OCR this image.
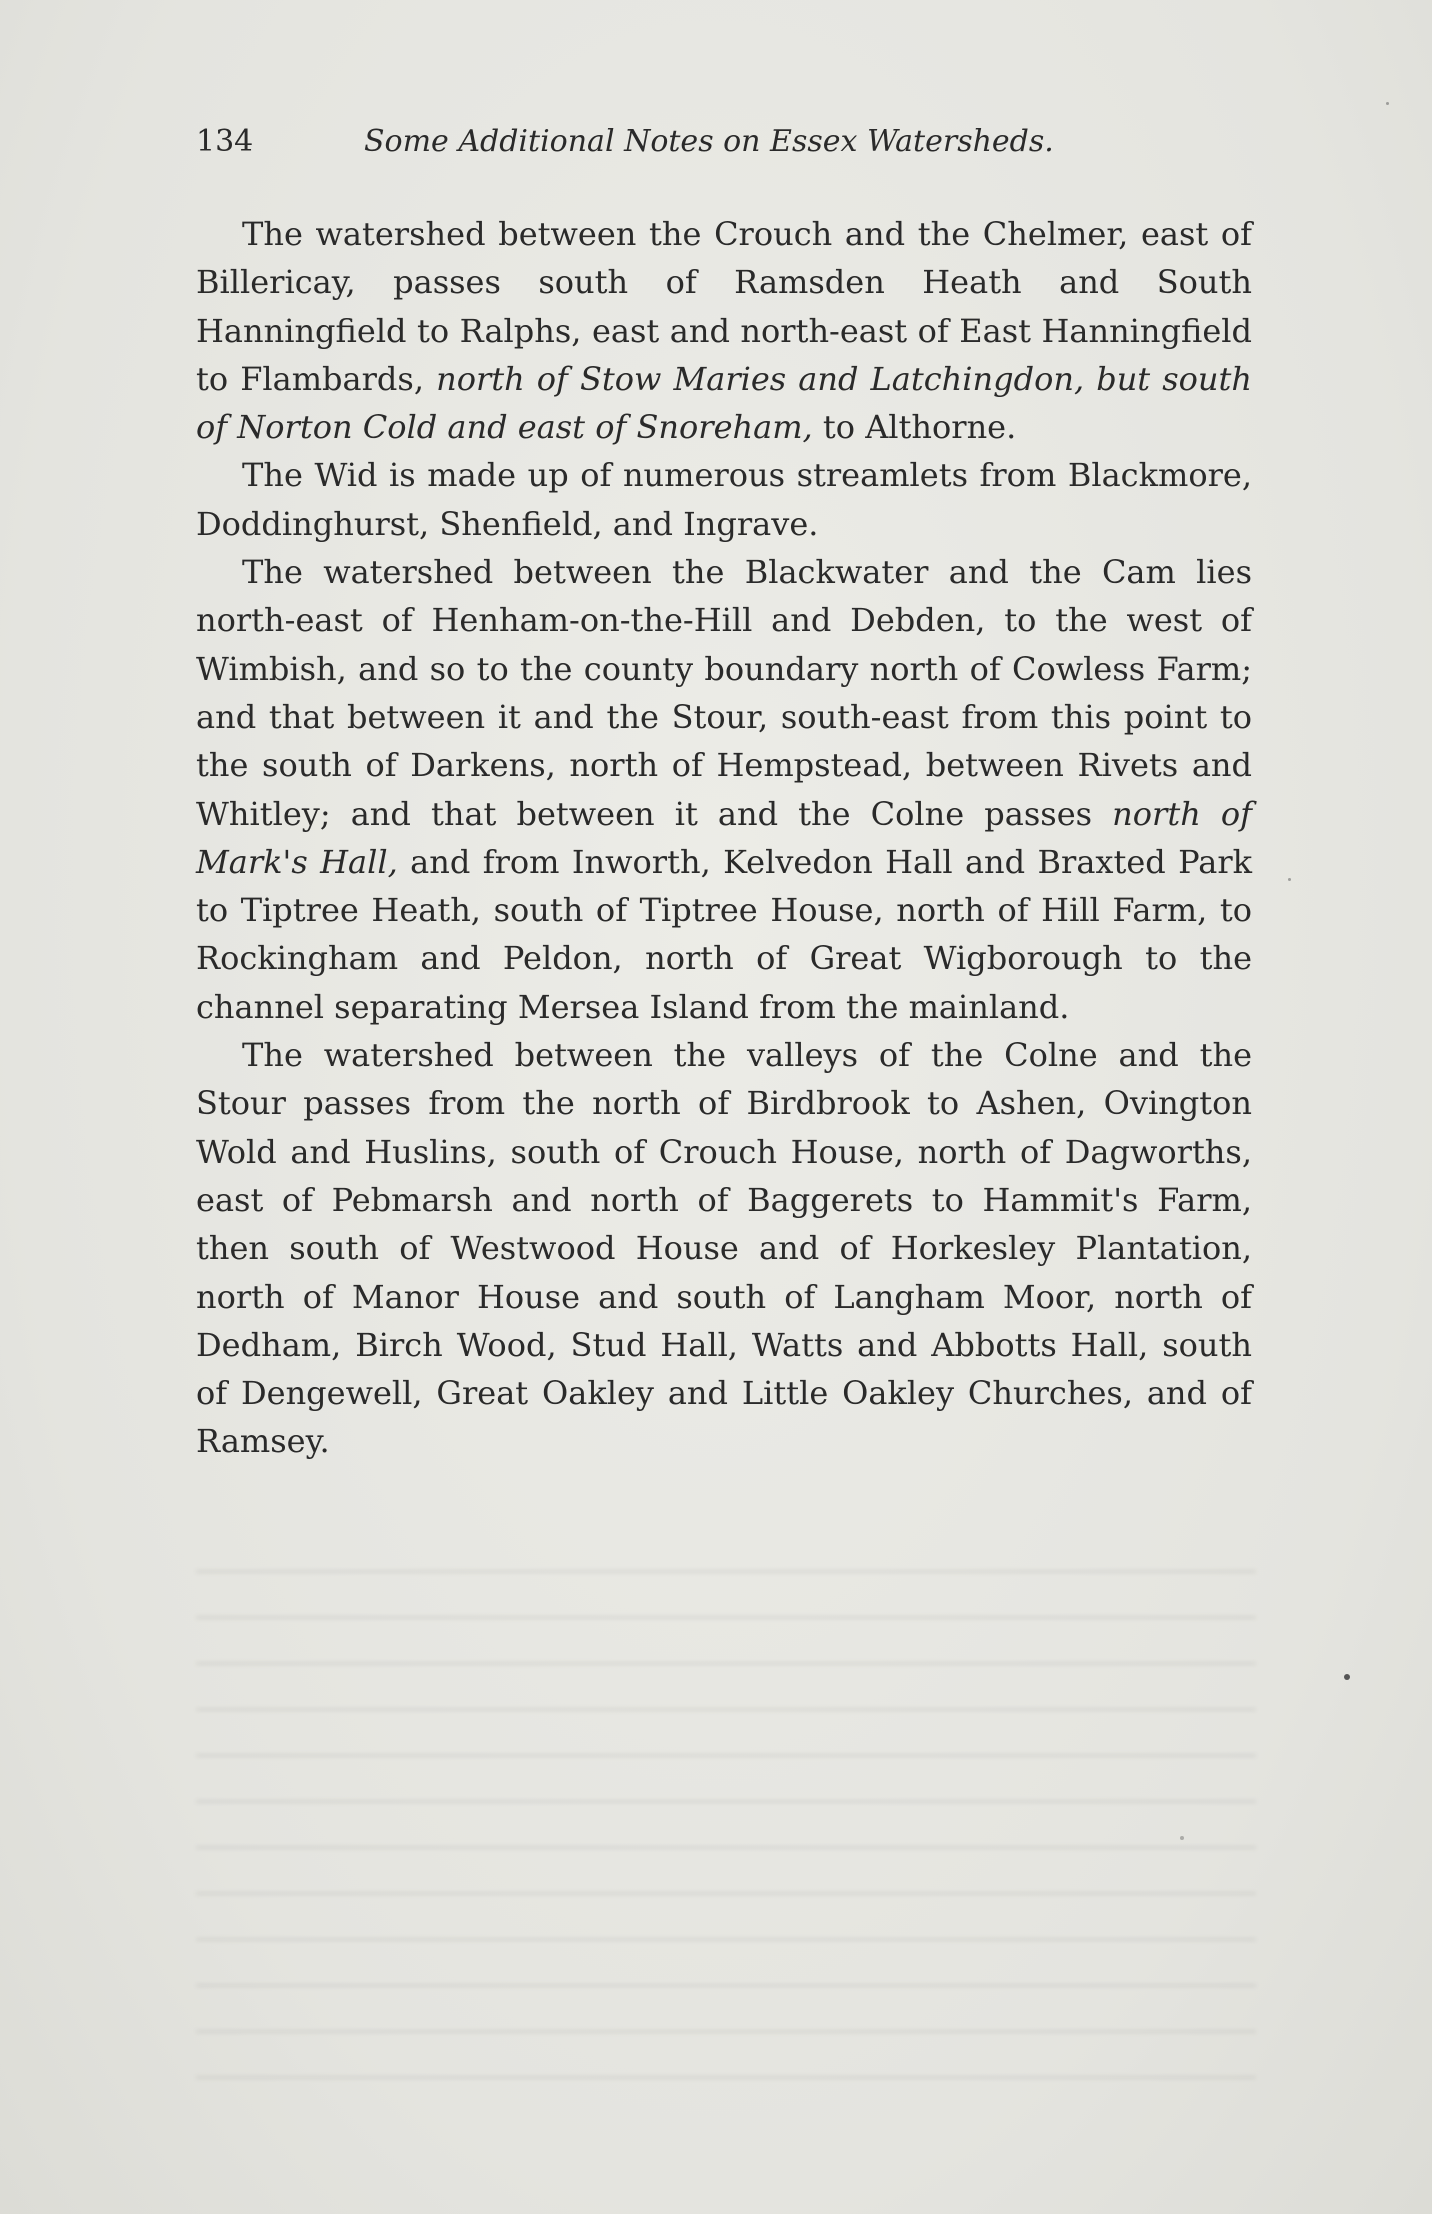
134	Some Additional Notes on Essex Watersheds.

The watershed between the Crouch and the Chelmer, east of Billericay, passes south of Ramsden Heath and South Hanningfield to Ralphs, east and north-east of East Hanningfield to Flambards, north of Stow Maries and Latchingdon, but south of Norton Cold and east of Snoreham, to Althorne.

The Wid is made up of numerous streamlets from Blackmore, Doddinghurst, Shenfield, and Ingrave.

The watershed between the Blackwater and the Cam lies north-east of Henham-on-the-Hill and Debden, to the west of Wimbish, and so to the county boundary north of Cowless Farm; and that between it and the Stour, south-east from this point to the south of Darkens, north of Hempstead, between Rivets and Whitley; and that between it and the Colne passes north of Mark's Hall, and from Inworth, Kelvedon Hall and Braxted Park to Tiptree Heath, south of Tiptree House, north of Hill Farm, to Rockingham and Peldon, north of Great Wigborough to the channel separating Mersea Island from the mainland.

The watershed between the valleys of the Colne and the Stour passes from the north of Birdbrook to Ashen, Ovington Wold and Huslins, south of Crouch House, north of Dagworths, east of Pebmarsh and north of Baggerets to Hammit's Farm, then south of Westwood House and of Horkesley Plantation, north of Manor House and south of Langham Moor, north of Dedham, Birch Wood, Stud Hall, Watts and Abbotts Hall, south of Dengewell, Great Oakley and Little Oakley Churches, and of Ramsey.
